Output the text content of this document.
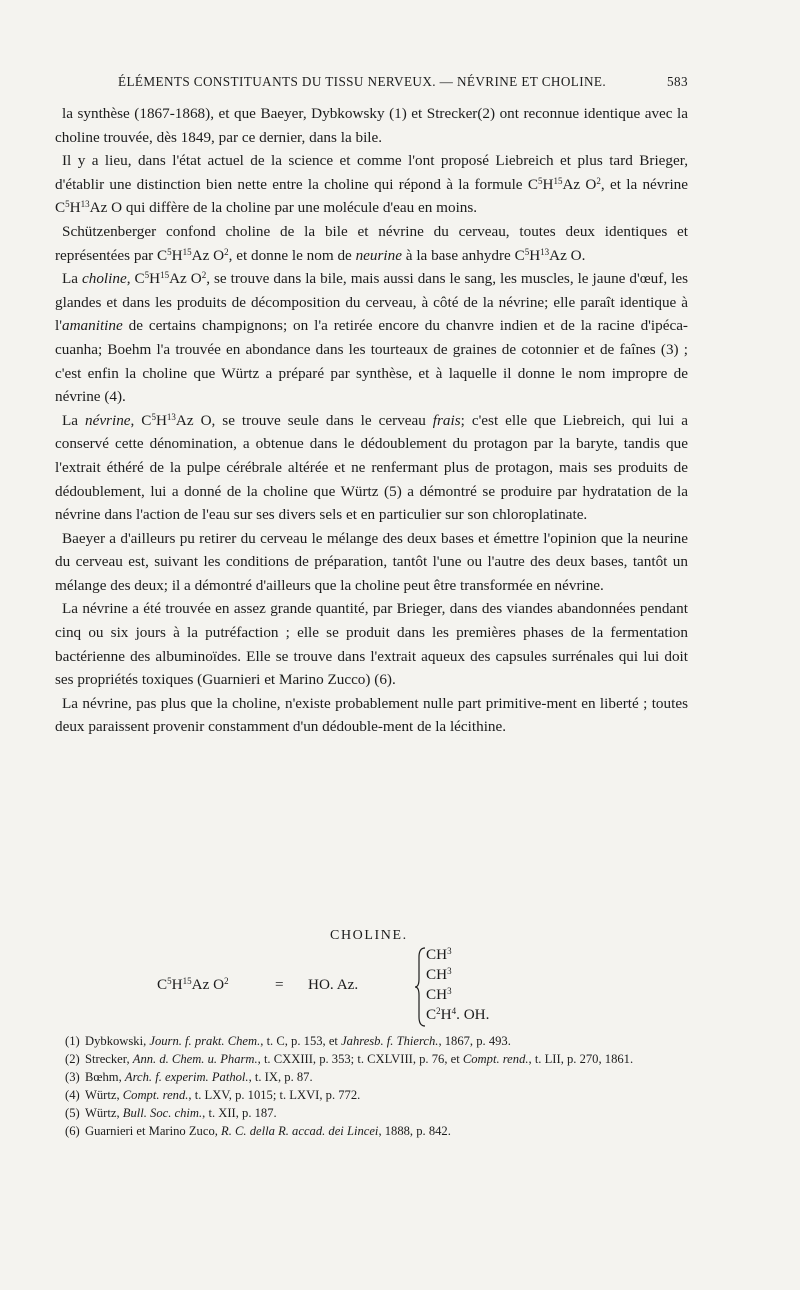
ÉLÉMENTS CONSTITUANTS DU TISSU NERVEUX. — NÉVRINE ET CHOLINE.	583

la synthèse (1867-1868), et que Baeyer, Dybkowsky (1) et Strecker(2) ont reconnue identique avec la choline trouvée, dès 1849, par ce dernier, dans la bile.

Il y a lieu, dans l'état actuel de la science et comme l'ont proposé Liebreich et plus tard Brieger, d'établir une distinction bien nette entre la choline qui répond à la formule $C^5H^{15}Az$ $O^2$, et la névrine $C^5H^{13}Az$ O qui diffère de la choline par une molécule d'eau en moins.

Schützenberger confond choline de la bile et névrine du cerveau, toutes deux identiques et représentées par $C^5H^{15}Az$ $O^2$, et donne le nom de neurine à la base anhydre $C^5H^{13}Az$ O.

La choline, $C^5H^{15}Az$ $O^2$, se trouve dans la bile, mais aussi dans le sang, les muscles, le jaune d'œuf, les glandes et dans les produits de décomposition du cerveau, à côté de la névrine; elle paraît identique à l'amanitine de certains champignons; on l'a retirée encore du chanvre indien et de la racine d'ipéca-cuanha; Boehm l'a trouvée en abondance dans les tourteaux de graines de cotonnier et de faînes (3) ; c'est enfin la choline que Würtz a préparé par synthèse, et à laquelle il donne le nom impropre de névrine (4).

La névrine, $C^5H^{13}Az$ O, se trouve seule dans le cerveau frais; c'est elle que Liebreich, qui lui a conservé cette dénomination, a obtenue dans le dédoublement du protagon par la baryte, tandis que l'extrait éthéré de la pulpe cérébrale altérée et ne renfermant plus de protagon, mais ses produits de dédoublement, lui a donné de la choline que Würtz (5) a démontré se produire par hydratation de la névrine dans l'action de l'eau sur ses divers sels et en particulier sur son chloroplatinate.

Baeyer a d'ailleurs pu retirer du cerveau le mélange des deux bases et émettre l'opinion que la neurine du cerveau est, suivant les conditions de préparation, tantôt l'une ou l'autre des deux bases, tantôt un mélange des deux; il a démontré d'ailleurs que la choline peut être transformée en névrine.

La névrine a été trouvée en assez grande quantité, par Brieger, dans des viandes abandonnées pendant cinq ou six jours à la putréfaction ; elle se produit dans les premières phases de la fermentation bactérienne des albuminoïdes. Elle se trouve dans l'extrait aqueux des capsules surrénales qui lui doit ses propriétés toxiques (Guarnieri et Marino Zucco) (6).

La névrine, pas plus que la choline, n'existe probablement nulle part primitive-ment en liberté ; toutes deux paraissent provenir constamment d'un dédouble-ment de la lécithine.

CHOLINE.
$C^5H^{15}Az$ $O^2$	= HO. Az.
$CH^3$
$CH^3$
$CH^3$
$C^2H^4$. OH.
(1) Dybkowski, Journ. f. prakt. Chem., t. C, p. 153, et Jahresb. f. Thierch., 1867, p. 493.
(2) Strecker, Ann. d. Chem. u. Pharm., t. CXXIII, p. 353; t. CXLVIII, p. 76, et Compt. rend., t. LII, p. 270, 1861.
(3) Bœhm, Arch. f. experim. Pathol., t. IX, p. 87.
(4) Würtz, Compt. rend., t. LXV, p. 1015; t. LXVI, p. 772.
(5) Würtz, Bull. Soc. chim., t. XII, p. 187.
(6) Guarnieri et Marino Zuco, R. C. della R. accad. dei Lincei, 1888, p. 842.
